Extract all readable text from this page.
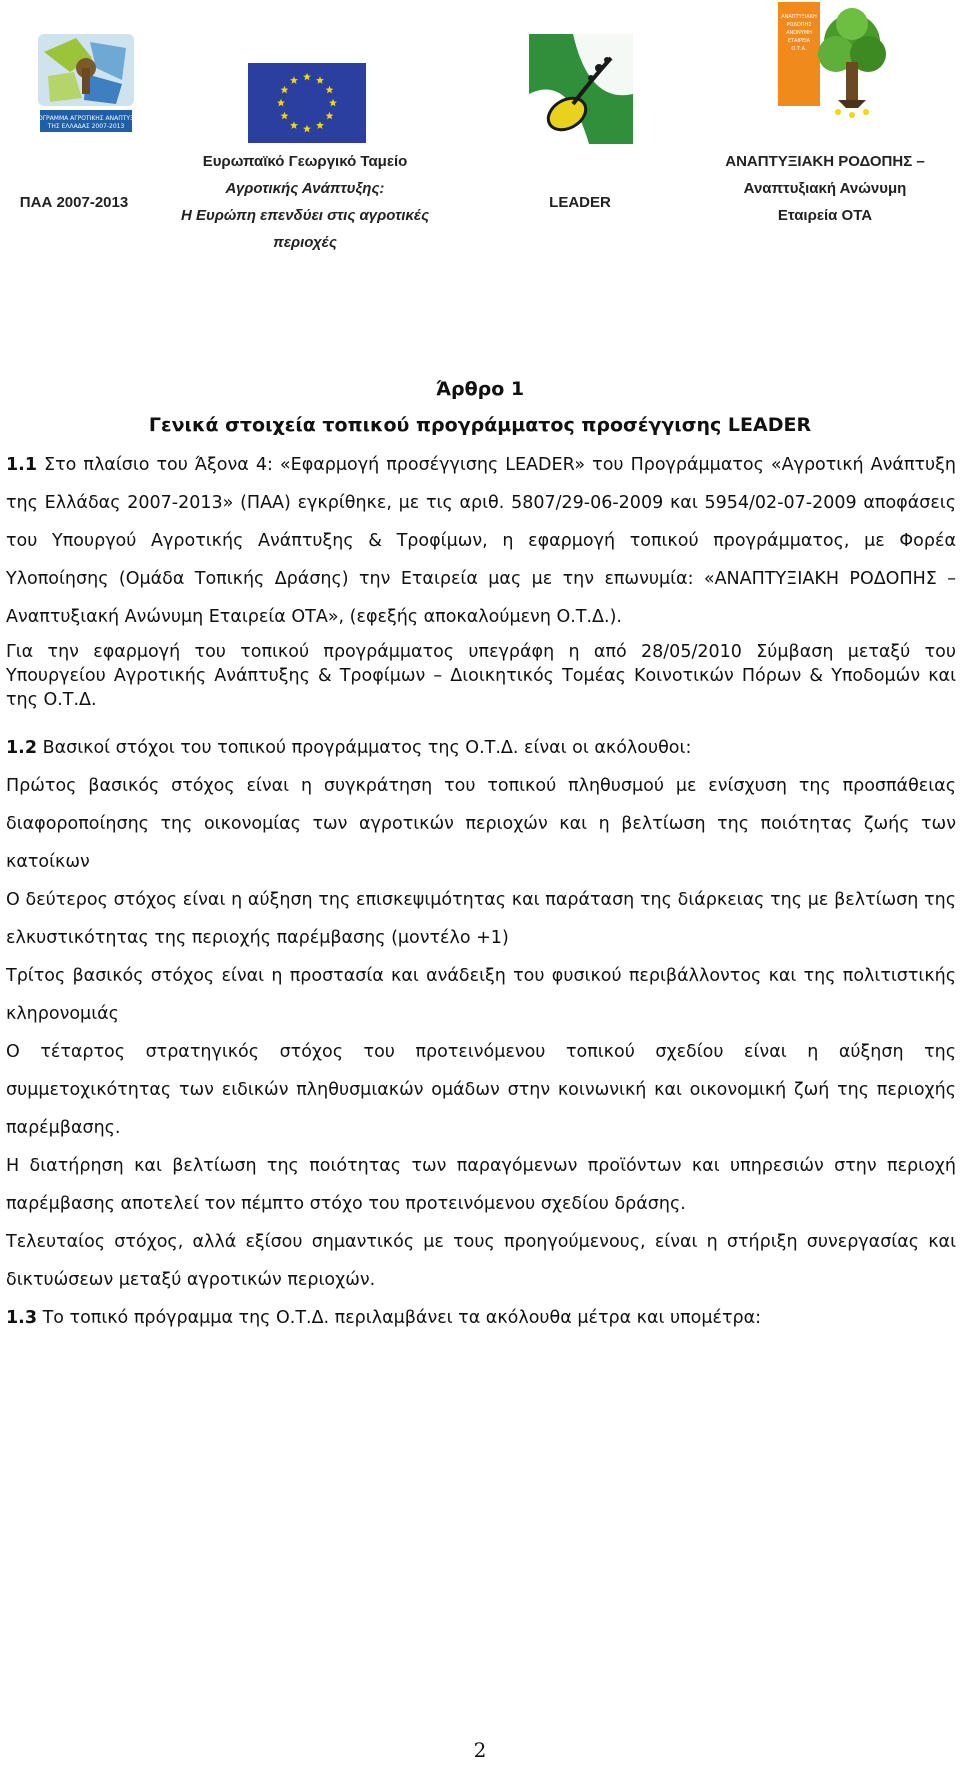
ΠΡΟΓΡΑΜΜΑ ΑΓΡΟΤΙΚΗΣ ΑΝΑΠΤΥΞΗΣ
ΤΗΣ ΕΛΛΑΔΑΣ 2007-2013
ΑΝΑΠΤΥΞΙΑΚΗ
ΡΟΔΟΠΗΣ
ΑΝΩΝΥΜΗ
ΕΤΑΙΡΕΙΑ
Ο.Τ.Α.
ΠΑΑ 2007-2013
Ευρωπαϊκό Γεωργικό Ταμείο
Αγροτικής Ανάπτυξης:
Η Ευρώπη επενδύει στις αγροτικές
περιοχές
LEADER
ΑΝΑΠΤΥΞΙΑΚΗ ΡΟΔΟΠΗΣ –
Αναπτυξιακή Ανώνυμη
Εταιρεία ΟΤΑ
Άρθρο 1
Γενικά στοιχεία τοπικού προγράμματος προσέγγισης LEADER

1.1 Στο πλαίσιο του Άξονα 4: «Εφαρμογή προσέγγισης LEADER» του Προγράμματος «Αγροτική Ανάπτυξη της Ελλάδας 2007-2013» (ΠΑΑ) εγκρίθηκε, με τις αριθ. 5807/29-06-2009 και 5954/02-07-2009 αποφάσεις του Υπουργού Αγροτικής Ανάπτυξης & Τροφίμων, η εφαρμογή τοπικού προγράμματος, με Φορέα Υλοποίησης (Ομάδα Τοπικής Δράσης) την Εταιρεία μας με την επωνυμία: «ΑΝΑΠΤΥΞΙΑΚΗ ΡΟΔΟΠΗΣ – Αναπτυξιακή Ανώνυμη Εταιρεία ΟΤΑ», (εφεξής αποκαλούμενη Ο.Τ.Δ.).

Για την εφαρμογή του τοπικού προγράμματος υπεγράφη η από 28/05/2010 Σύμβαση μεταξύ του Υπουργείου Αγροτικής Ανάπτυξης & Τροφίμων – Διοικητικός Τομέας Κοινοτικών Πόρων & Υποδομών και της Ο.Τ.Δ.

1.2 Βασικοί στόχοι του τοπικού προγράμματος της Ο.Τ.Δ. είναι οι ακόλουθοι:

Πρώτος βασικός στόχος είναι η συγκράτηση του τοπικού πληθυσμού με ενίσχυση της προσπάθειας διαφοροποίησης της οικονομίας των αγροτικών περιοχών και η βελτίωση της ποιότητας ζωής των κατοίκων

Ο δεύτερος στόχος είναι η αύξηση της επισκεψιμότητας και παράταση της διάρκειας της με βελτίωση της ελκυστικότητας της περιοχής παρέμβασης (μοντέλο +1)

Τρίτος βασικός στόχος είναι η προστασία και ανάδειξη του φυσικού περιβάλλοντος και της πολιτιστικής κληρονομιάς

Ο τέταρτος στρατηγικός στόχος του προτεινόμενου τοπικού σχεδίου είναι η αύξηση της συμμετοχικότητας των ειδικών πληθυσμιακών ομάδων στην κοινωνική και οικονομική ζωή της περιοχής παρέμβασης.

Η διατήρηση και βελτίωση της ποιότητας των παραγόμενων προϊόντων και υπηρεσιών στην περιοχή παρέμβασης αποτελεί τον πέμπτο στόχο του προτεινόμενου σχεδίου δράσης.

Τελευταίος στόχος, αλλά εξίσου σημαντικός με τους προηγούμενους, είναι η στήριξη συνεργασίας και δικτυώσεων μεταξύ αγροτικών περιοχών.

1.3 Το τοπικό πρόγραμμα της Ο.Τ.Δ. περιλαμβάνει τα ακόλουθα μέτρα και υπομέτρα:

2
